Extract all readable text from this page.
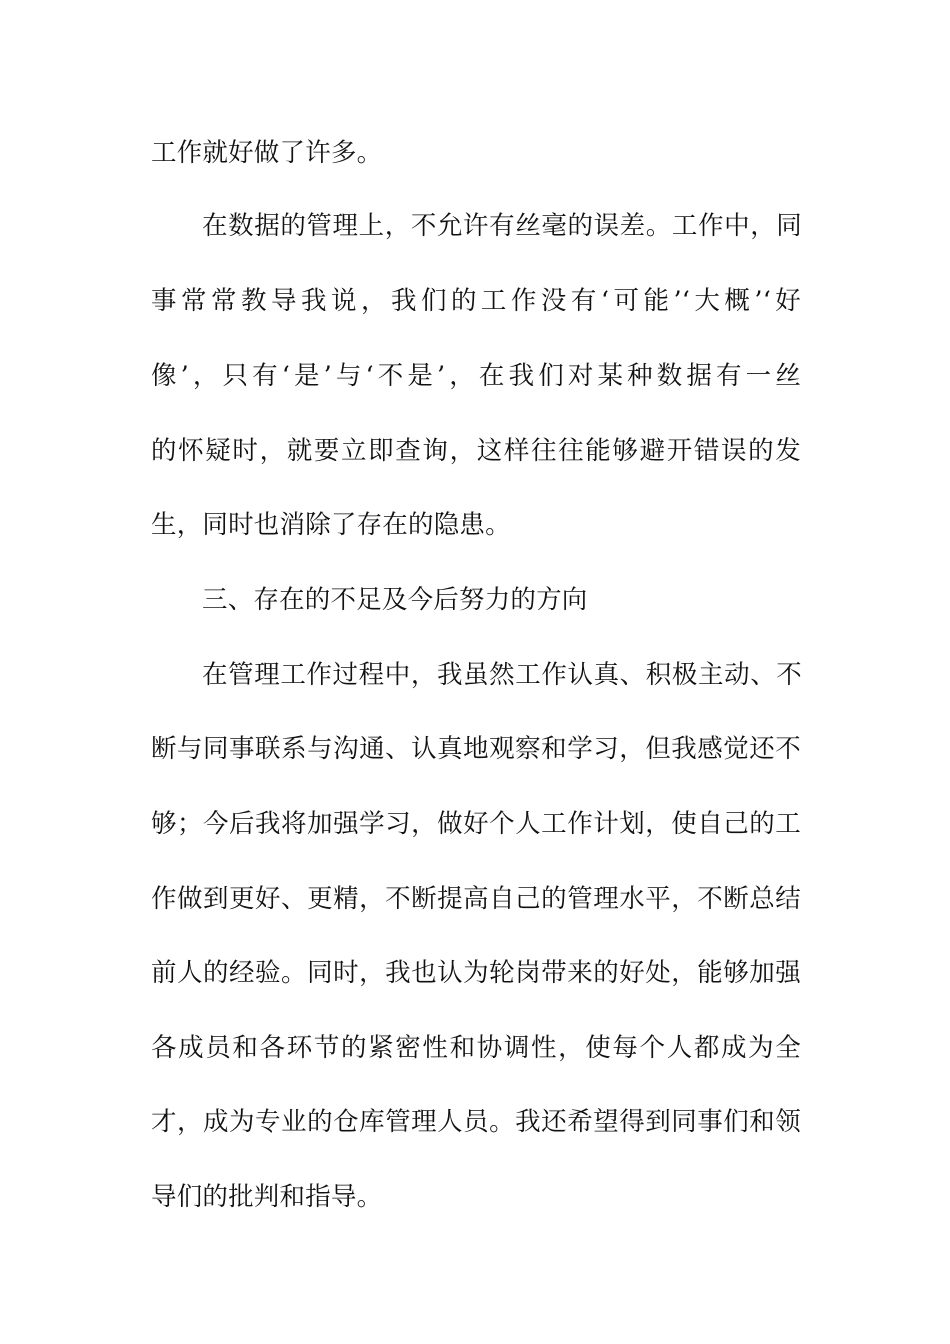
工作就好做了许多。
在数据的管理上，不允许有丝毫的误差。工作中，同
事常常教导我说，我们的工作没有‘可能’‘大概’‘好
像’，只有‘是’与‘不是’，在我们对某种数据有一丝
的怀疑时，就要立即查询，这样往往能够避开错误的发
生，同时也消除了存在的隐患。
三、存在的不足及今后努力的方向
在管理工作过程中，我虽然工作认真、积极主动、不
断与同事联系与沟通、认真地观察和学习，但我感觉还不
够；今后我将加强学习，做好个人工作计划，使自己的工
作做到更好、更精，不断提高自己的管理水平，不断总结
前人的经验。同时，我也认为轮岗带来的好处，能够加强
各成员和各环节的紧密性和协调性，使每个人都成为全
才，成为专业的仓库管理人员。我还希望得到同事们和领
导们的批判和指导。
